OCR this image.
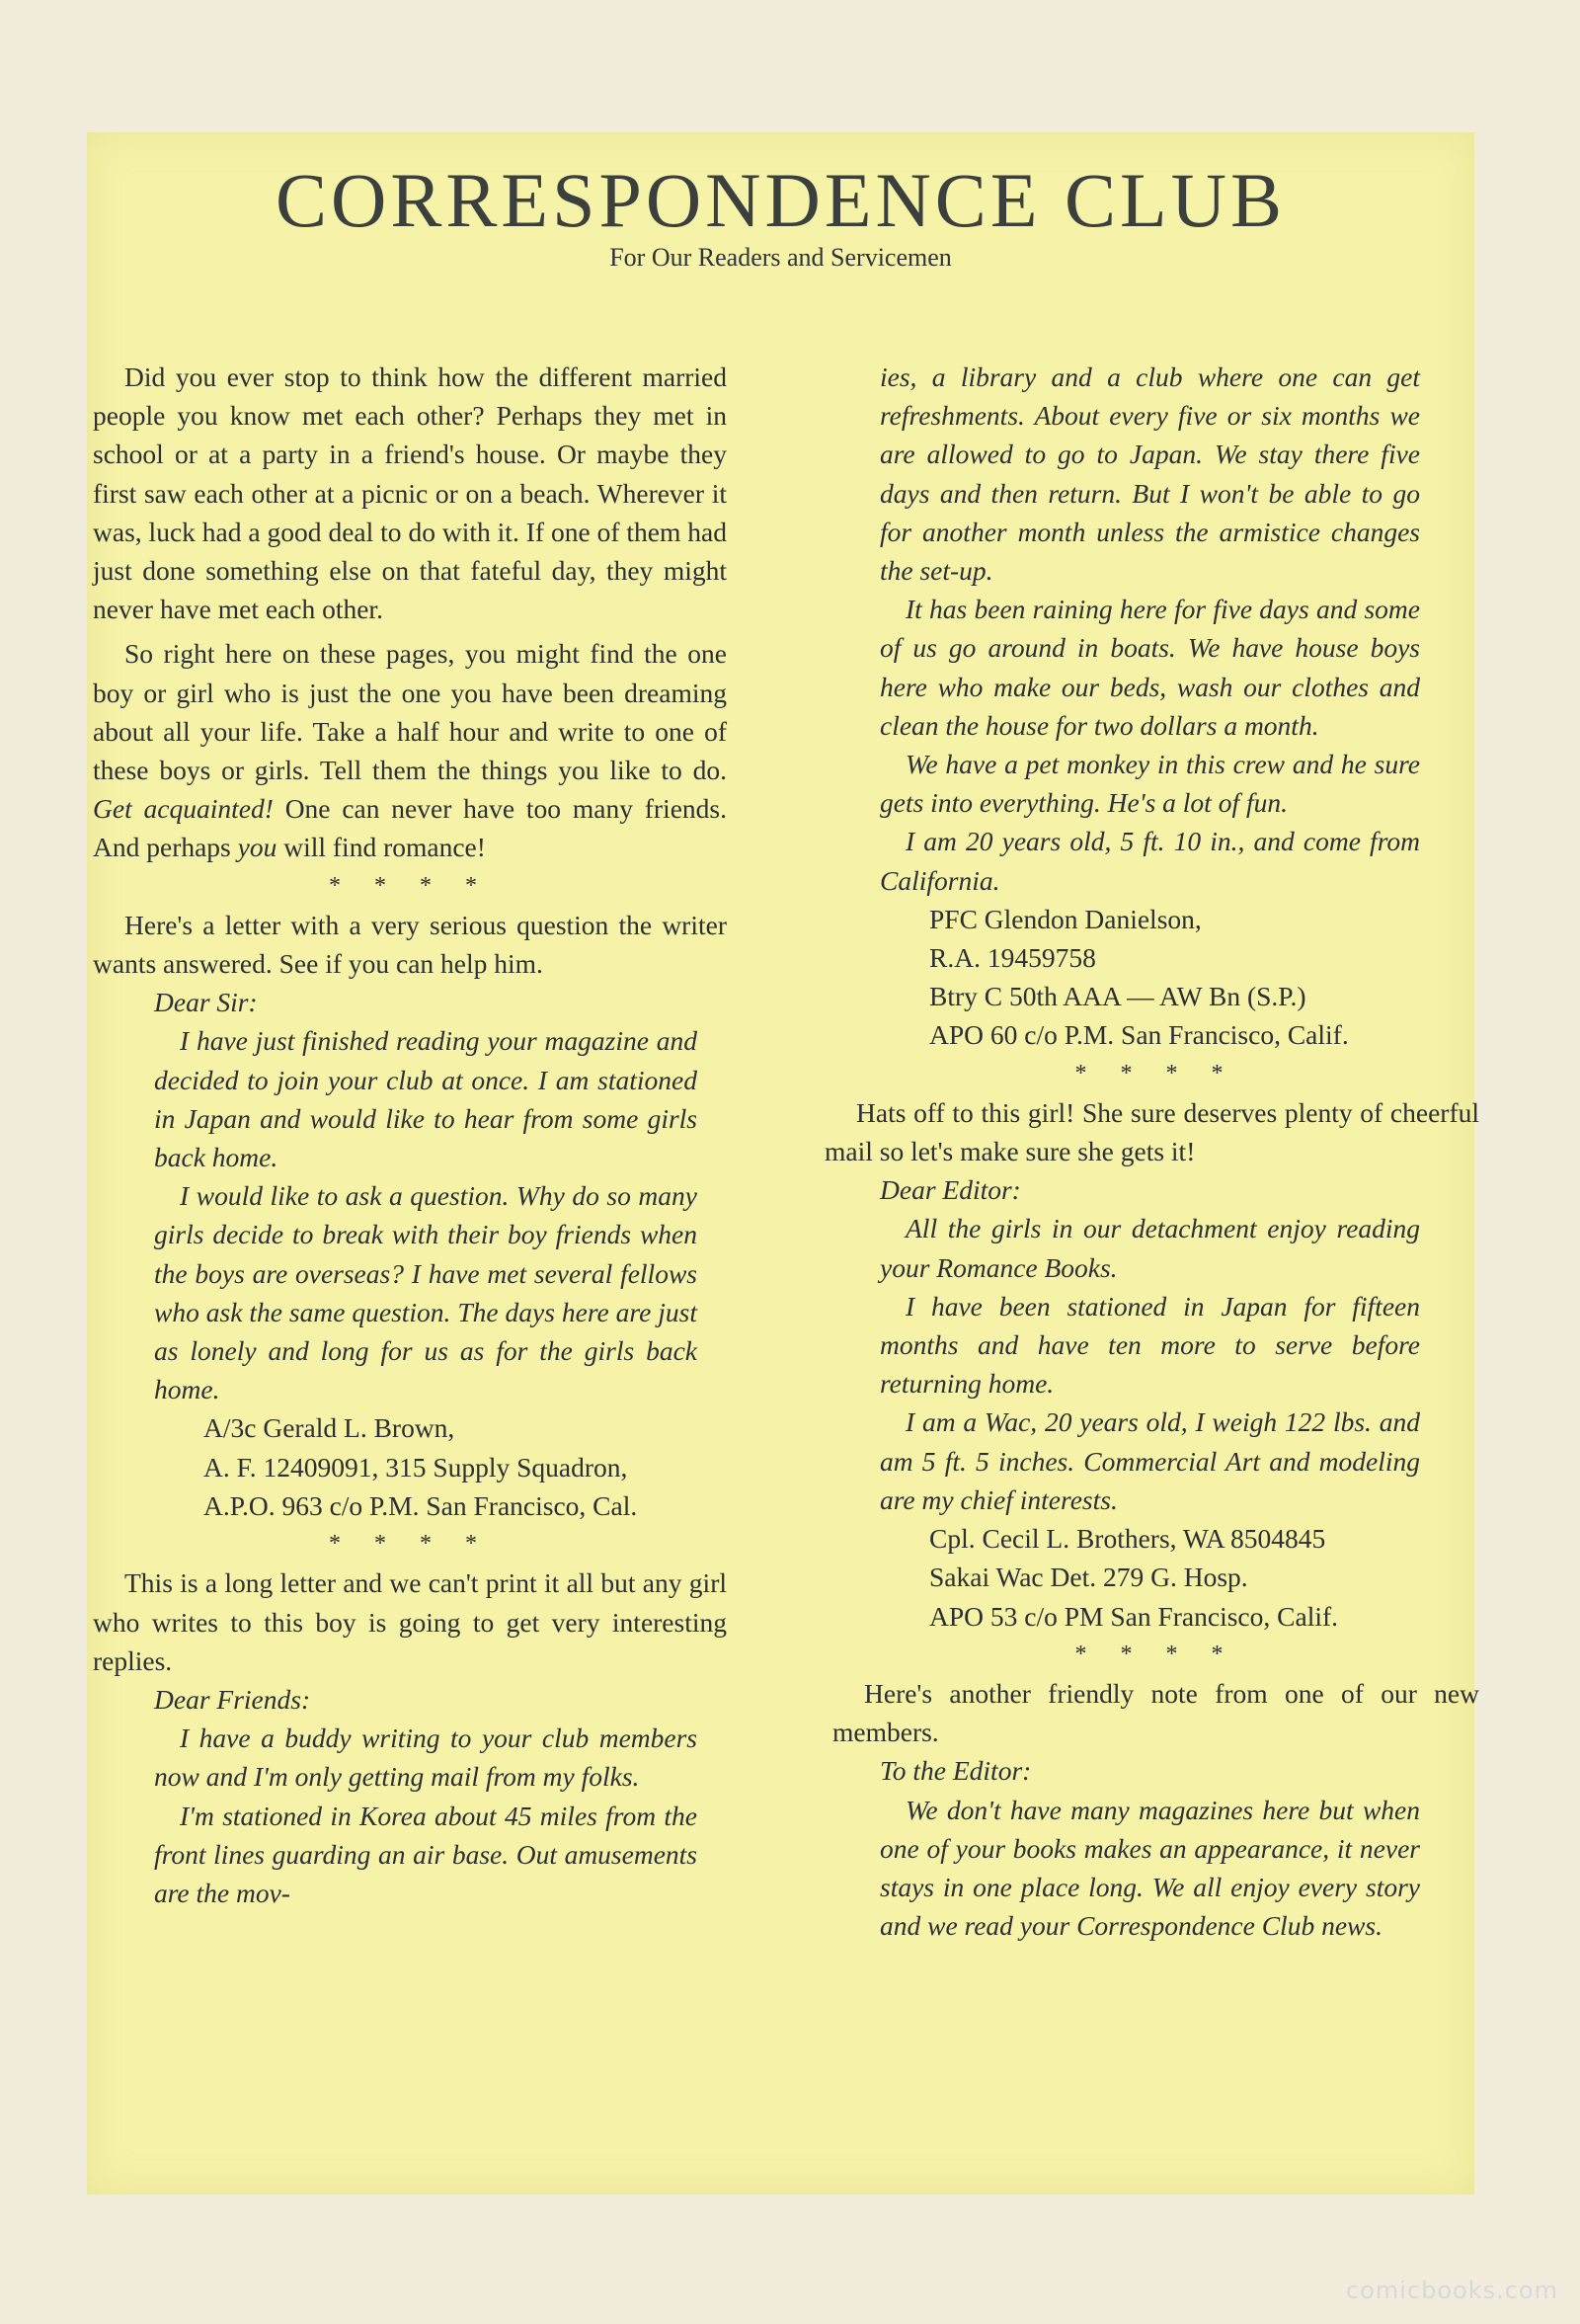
CORRESPONDENCE CLUB
For Our Readers and Servicemen

Did you ever stop to think how the different married people you know met each other? Perhaps they met in school or at a party in a friend's house. Or maybe they first saw each other at a picnic or on a beach. Wherever it was, luck had a good deal to do with it. If one of them had just done something else on that fateful day, they might never have met each other.

So right here on these pages, you might find the one boy or girl who is just the one you have been dreaming about all your life. Take a half hour and write to one of these boys or girls. Tell them the things you like to do. Get acquainted! One can never have too many friends. And perhaps you will find romance!

* * * *

Here's a letter with a very serious question the writer wants answered. See if you can help him.

Dear Sir:

I have just finished reading your magazine and decided to join your club at once. I am stationed in Japan and would like to hear from some girls back home.

I would like to ask a question. Why do so many girls decide to break with their boy friends when the boys are overseas? I have met several fellows who ask the same question. The days here are just as lonely and long for us as for the girls back home.

A/3c Gerald L. Brown,

A. F. 12409091, 315 Supply Squadron,

A.P.O. 963 c/o P.M. San Francisco, Cal.

* * * *

This is a long letter and we can't print it all but any girl who writes to this boy is going to get very interesting replies.

Dear Friends:

I have a buddy writing to your club members now and I'm only getting mail from my folks.

I'm stationed in Korea about 45 miles from the front lines guarding an air base. Out amusements are the mov-

ies, a library and a club where one can get refreshments. About every five or six months we are allowed to go to Japan. We stay there five days and then return. But I won't be able to go for another month unless the armistice changes the set-up.

It has been raining here for five days and some of us go around in boats. We have house boys here who make our beds, wash our clothes and clean the house for two dollars a month.

We have a pet monkey in this crew and he sure gets into everything. He's a lot of fun.

I am 20 years old, 5 ft. 10 in., and come from California.

PFC Glendon Danielson,

R.A. 19459758

Btry C 50th AAA — AW Bn (S.P.)

APO 60 c/o P.M. San Francisco, Calif.

* * * *

Hats off to this girl! She sure deserves plenty of cheerful mail so let's make sure she gets it!

Dear Editor:

All the girls in our detachment enjoy reading your Romance Books.

I have been stationed in Japan for fifteen months and have ten more to serve before returning home.

I am a Wac, 20 years old, I weigh 122 lbs. and am 5 ft. 5 inches. Commercial Art and modeling are my chief interests.

Cpl. Cecil L. Brothers, WA 8504845

Sakai Wac Det. 279 G. Hosp.

APO 53 c/o PM San Francisco, Calif.

* * * *

Here's another friendly note from one of our new members.

To the Editor:

We don't have many magazines here but when one of your books makes an appearance, it never stays in one place long. We all enjoy every story and we read your Correspondence Club news.

comicbooks.com
